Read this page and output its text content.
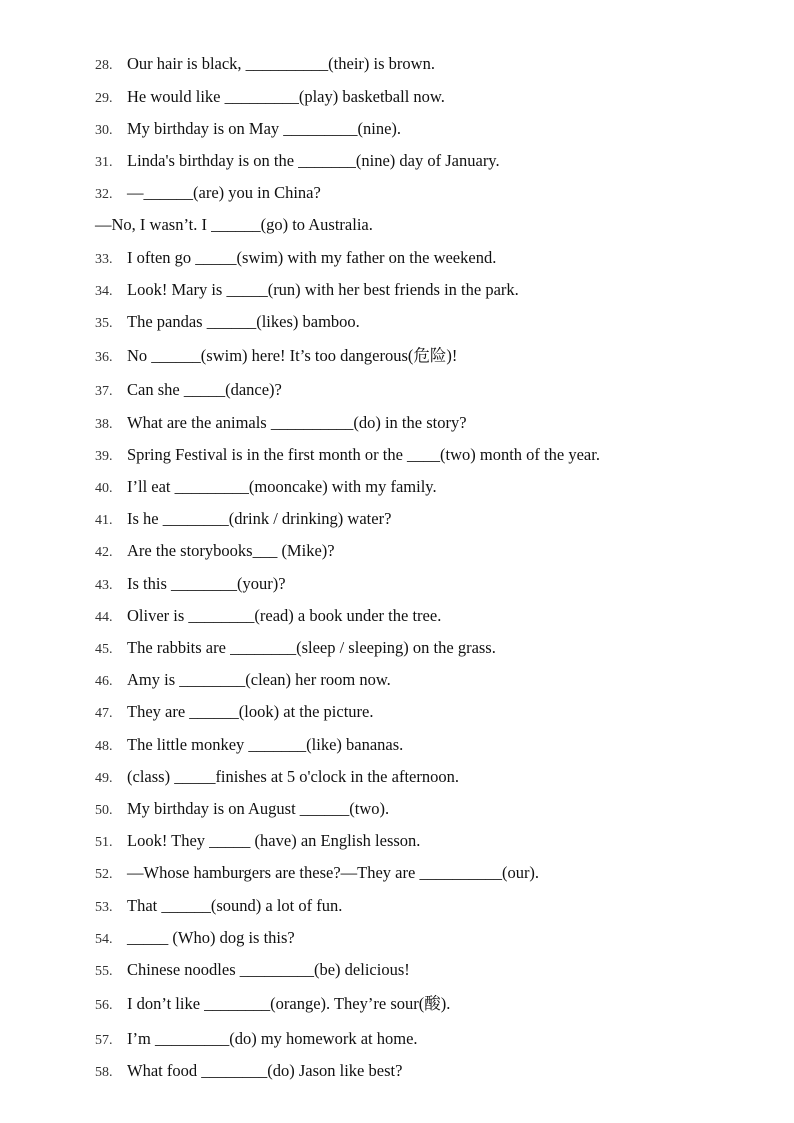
28. Our hair is black, __________(their) is brown.
29. He would like _________(play) basketball now.
30. My birthday is on May _________(nine).
31. Linda's birthday is on the _______(nine) day of January.
32. —______(are) you in China?
—No, I wasn’t. I ______(go) to Australia.
33. I often go _____(swim) with my father on the weekend.
34. Look! Mary is _____(run) with her best friends in the park.
35. The pandas ______(likes) bamboo.
36. No ______(swim) here! It’s too dangerous(危险)!
37. Can she _____(dance)?
38. What are the animals __________(do) in the story?
39. Spring Festival is in the first month or the ____(two) month of the year.
40. I’ll eat _________(mooncake) with my family.
41. Is he ________(drink / drinking) water?
42. Are the storybooks___ (Mike)?
43. Is this ________(your)?
44. Oliver is ________(read) a book under the tree.
45. The rabbits are ________(sleep / sleeping) on the grass.
46. Amy is ________(clean) her room now.
47. They are ______(look) at the picture.
48. The little monkey _______(like) bananas.
49. (class) _____finishes at 5 o'clock in the afternoon.
50. My birthday is on August ______(two).
51. Look! They _____ (have) an English lesson.
52. —Whose hamburgers are these?—They are __________(our).
53. That ______(sound) a lot of fun.
54. _____ (Who) dog is this?
55. Chinese noodles _________(be) delicious!
56. I don’t like ________(orange). They’re sour(酸).
57. I’m _________(do) my homework at home.
58. What food ________(do) Jason like best?
